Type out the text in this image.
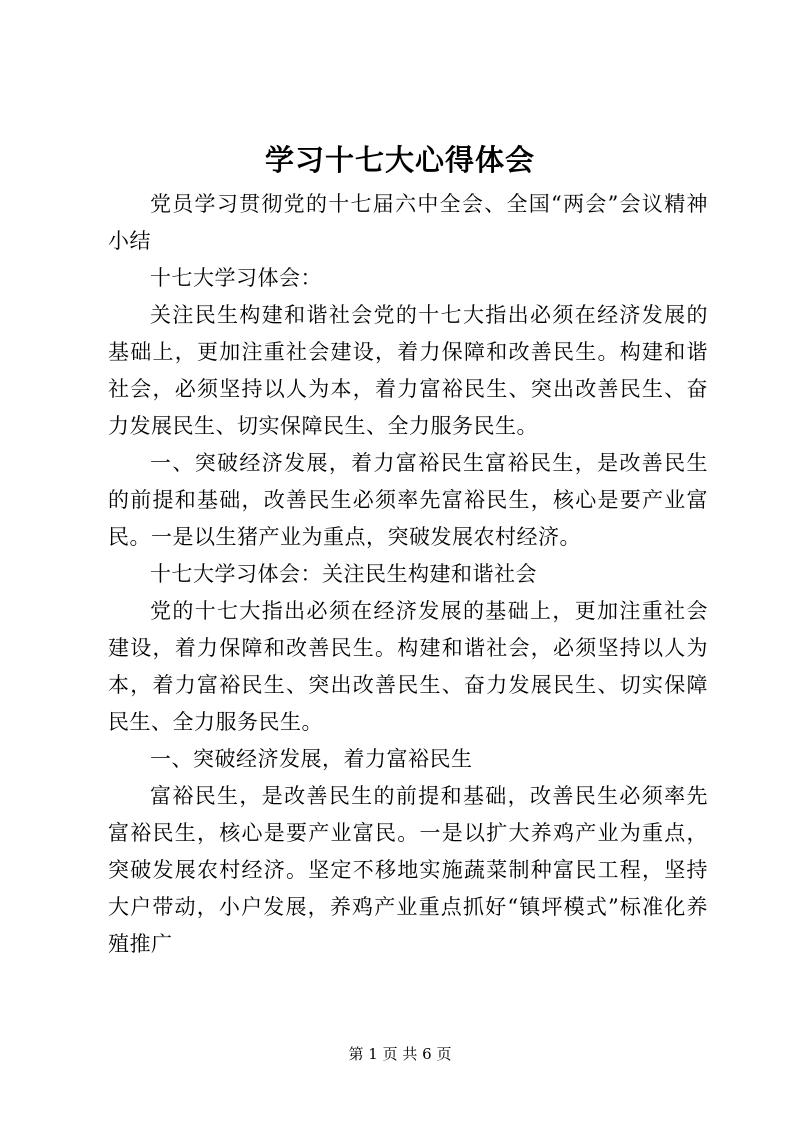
学习十七大心得体会

党员学习贯彻党的十七届六中全会、全国“两会”会议精神小结

十七大学习体会：

关注民生构建和谐社会党的十七大指出必须在经济发展的基础上，更加注重社会建设，着力保障和改善民生。构建和谐社会，必须坚持以人为本，着力富裕民生、突出改善民生、奋力发展民生、切实保障民生、全力服务民生。

一、突破经济发展，着力富裕民生富裕民生，是改善民生的前提和基础，改善民生必须率先富裕民生，核心是要产业富民。一是以生猪产业为重点，突破发展农村经济。

十七大学习体会：关注民生构建和谐社会

党的十七大指出必须在经济发展的基础上，更加注重社会建设，着力保障和改善民生。构建和谐社会，必须坚持以人为本，着力富裕民生、突出改善民生、奋力发展民生、切实保障民生、全力服务民生。

一、突破经济发展，着力富裕民生

富裕民生，是改善民生的前提和基础，改善民生必须率先富裕民生，核心是要产业富民。一是以扩大养鸡产业为重点，突破发展农村经济。坚定不移地实施蔬菜制种富民工程，坚持大户带动，小户发展，养鸡产业重点抓好“镇坪模式”标准化养殖推广

第 1 页 共 6 页
